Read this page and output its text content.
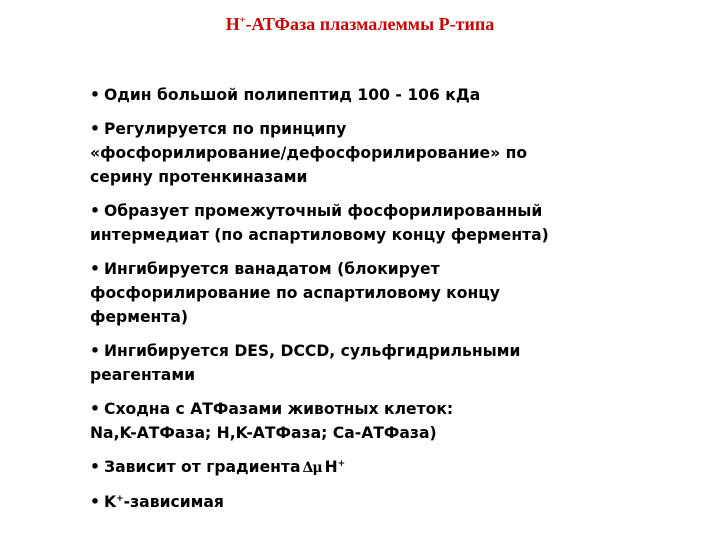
H+-АТФаза плазмалеммы Р-типа
• Один большой полипептид 100 - 106 кДа
• Регулируется по принципу
«фосфорилирование/дефосфорилирование» по
серину протенкиназами
• Образует промежуточный фосфорилированный
интермедиат (по аспартиловому концу фермента)
• Ингибируется ванадатом (блокирует
фосфорилирование по аспартиловому концу
фермента)
• Ингибируется DES, DCCD, сульфгидрильными
реагентами
• Сходна с АТФазами животных клеток:
Na,K-АТФаза; H,K-АТФаза; Ca-АТФаза)
• Зависит от градиента Δμ H+
• K+-зависимая
